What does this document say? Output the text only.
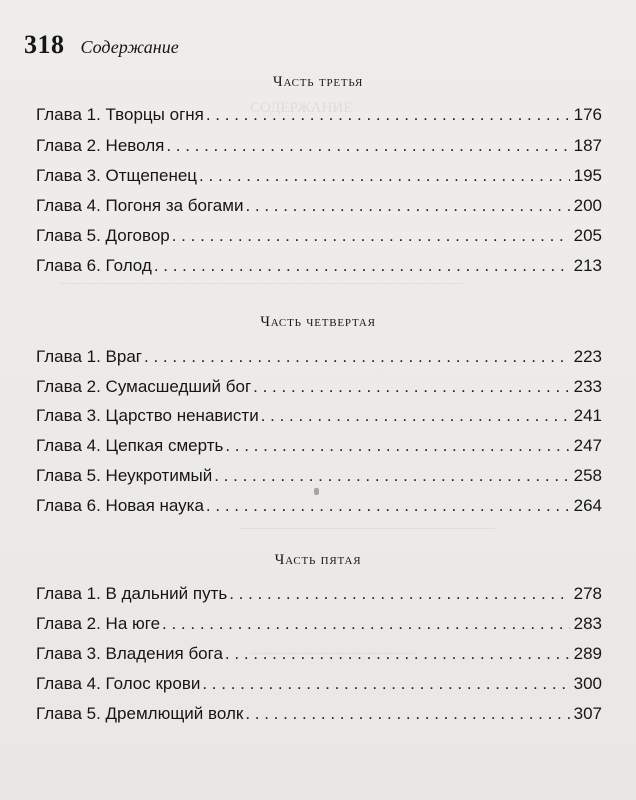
СОДЕРЖАНИЕ
―――――――――――――――――――――――――――
―――――――――――――――――
―――――――――――
318 Содержание
Часть третья
Глава 1. Творцы огня . . .	176
Глава 2. Неволя . . .	187
Глава 3. Отщепенец . . .	195
Глава 4. Погоня за богами . . .	200
Глава 5. Договор . . .	205
Глава 6. Голод . . .	213
Часть четвертая
Глава 1. Враг . . .	223
Глава 2. Сумасшедший бог . . .	233
Глава 3. Царство ненависти . . .	241
Глава 4. Цепкая смерть . . .	247
Глава 5. Неукротимый . . .	258
Глава 6. Новая наука . . .	264
Часть пятая
Глава 1. В дальний путь . . .	278
Глава 2. На юге . . .	283
Глава 3. Владения бога . . .	289
Глава 4. Голос крови . . .	300
Глава 5. Дремлющий волк . . .	307
